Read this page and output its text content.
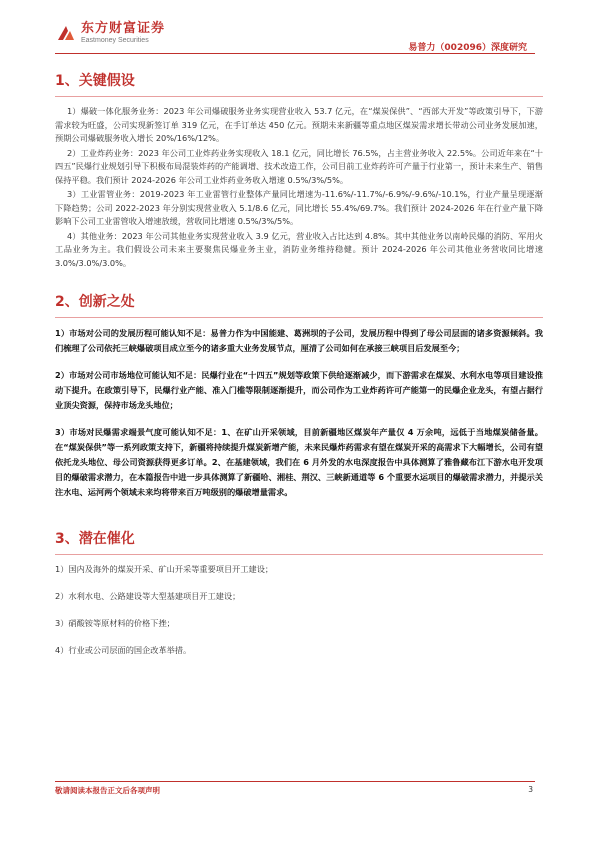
东方财富证券
Eastmoney Securities
易普力（002096）深度研究
1、关键假设

1）爆破一体化服务业务：2023 年公司爆破服务业务实现营业收入 53.7 亿元，在“煤炭保供”、“西部大开发”等政策引导下，下游需求较为旺盛，公司实现新签订单 319 亿元，在手订单达 450 亿元。预期未来新疆等重点地区煤炭需求增长带动公司业务发展加速，预期公司爆破服务收入增长 20%/16%/12%。

2）工业炸药业务：2023 年公司工业炸药业务实现收入 18.1 亿元，同比增长 76.5%，占主营业务收入 22.5%。公司近年来在“十四五”民爆行业规划引导下积极布局混装炸药的产能调增、技术改造工作，公司目前工业炸药许可产量于行业第一，预计未来生产、销售保持平稳。我们预计 2024-2026 年公司工业炸药业务收入增速 0.5%/3%/5%。

3）工业雷管业务：2019-2023 年工业雷管行业整体产量同比增速为-11.6%/-11.7%/-6.9%/-9.6%/-10.1%，行业产量呈现逐渐下降趋势；公司 2022-2023 年分别实现营业收入 5.1/8.6 亿元，同比增长 55.4%/69.7%。我们预计 2024-2026 年在行业产量下降影响下公司工业雷管收入增速放缓，营收同比增速 0.5%/3%/5%。

4）其他业务：2023 年公司其他业务实现营业收入 3.9 亿元，营业收入占比达到 4.8%。其中其他业务以南岭民爆的消防、军用火工品业务为主。我们假设公司未来主要聚焦民爆业务主业，消防业务维持稳健。预计 2024-2026 年公司其他业务营收同比增速 3.0%/3.0%/3.0%。

2、创新之处

1）市场对公司的发展历程可能认知不足：易普力作为中国能建、葛洲坝的子公司，发展历程中得到了母公司层面的诸多资源倾斜。我们梳理了公司依托三峡爆破项目成立至今的诸多重大业务发展节点，厘清了公司如何在承接三峡项目后发展至今；

2）市场对公司市场地位可能认知不足：民爆行业在“十四五”规划等政策下供给逐渐减少，而下游需求在煤炭、水利水电等项目建设推动下提升。在政策引导下，民爆行业产能、准入门槛等限制逐渐提升，而公司作为工业炸药许可产能第一的民爆企业龙头，有望占据行业顶尖资源，保持市场龙头地位；

3）市场对民爆需求端景气度可能认知不足：1、在矿山开采领域，目前新疆地区煤炭年产量仅 4 万余吨，远低于当地煤炭储备量。在“煤炭保供”等一系列政策支持下，新疆将持续提升煤炭新增产能，未来民爆炸药需求有望在煤炭开采的高需求下大幅增长，公司有望依托龙头地位、母公司资源获得更多订单。2、在基建领域，我们在 6 月外发的水电深度报告中具体测算了雅鲁藏布江下游水电开发项目的爆破需求潜力，在本篇报告中进一步具体测算了新疆哈、湘桂、荆汉、三峡新通道等 6 个重要水运项目的爆破需求潜力，并提示关注水电、运河两个领域未来均将带来百万吨级别的爆破增量需求。

3、潜在催化

1）国内及海外的煤炭开采、矿山开采等重要项目开工建设；

2）水利水电、公路建设等大型基建项目开工建设；

3）硝酸铵等原材料的价格下挫；

4）行业或公司层面的国企改革举措。

敬请阅读本报告正文后各项声明	3
